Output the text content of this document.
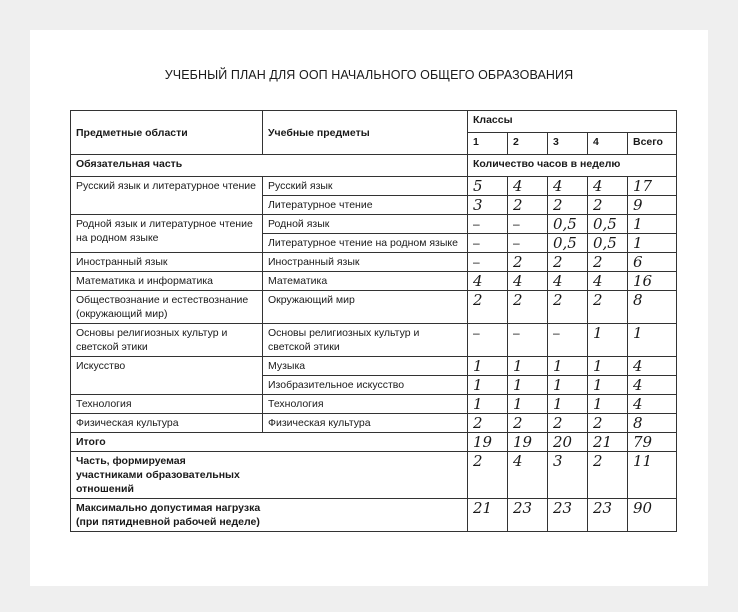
УЧЕБНЫЙ ПЛАН ДЛЯ ООП НАЧАЛЬНОГО ОБЩЕГО ОБРАЗОВАНИЯ
Предметные области	Учебные предметы	Классы				
		1	2	3	4	Всего
Обязательная часть		Количество часов в неделю				
Русский язык и литературное чтение	Русский язык	5	4	4	4	17
	Литературное чтение	3	2	2	2	9
Родной язык и литературное чтение на родном языке	Родной язык	–	–	0,5	0,5	1
	Литературное чтение на родном языке	–	–	0,5	0,5	1
Иностранный язык	Иностранный язык	–	2	2	2	6
Математика и информатика	Математика	4	4	4	4	16
Обществознание и естествознание (окружающий мир)	Окружающий мир	2	2	2	2	8
Основы религиозных культур и светской этики	Основы религиозных культур и светской этики	–	–	–	1	1
Искусство	Музыка	1	1	1	1	4
	Изобразительное искусство	1	1	1	1	4
Технология	Технология	1	1	1	1	4
Физическая культура	Физическая культура	2	2	2	2	8
Итого		19	19	20	21	79
Часть, формируемая участниками образовательных отношений		2	4	3	2	11
Максимально допустимая нагрузка (при пятидневной рабочей неделе)		21	23	23	23	90
